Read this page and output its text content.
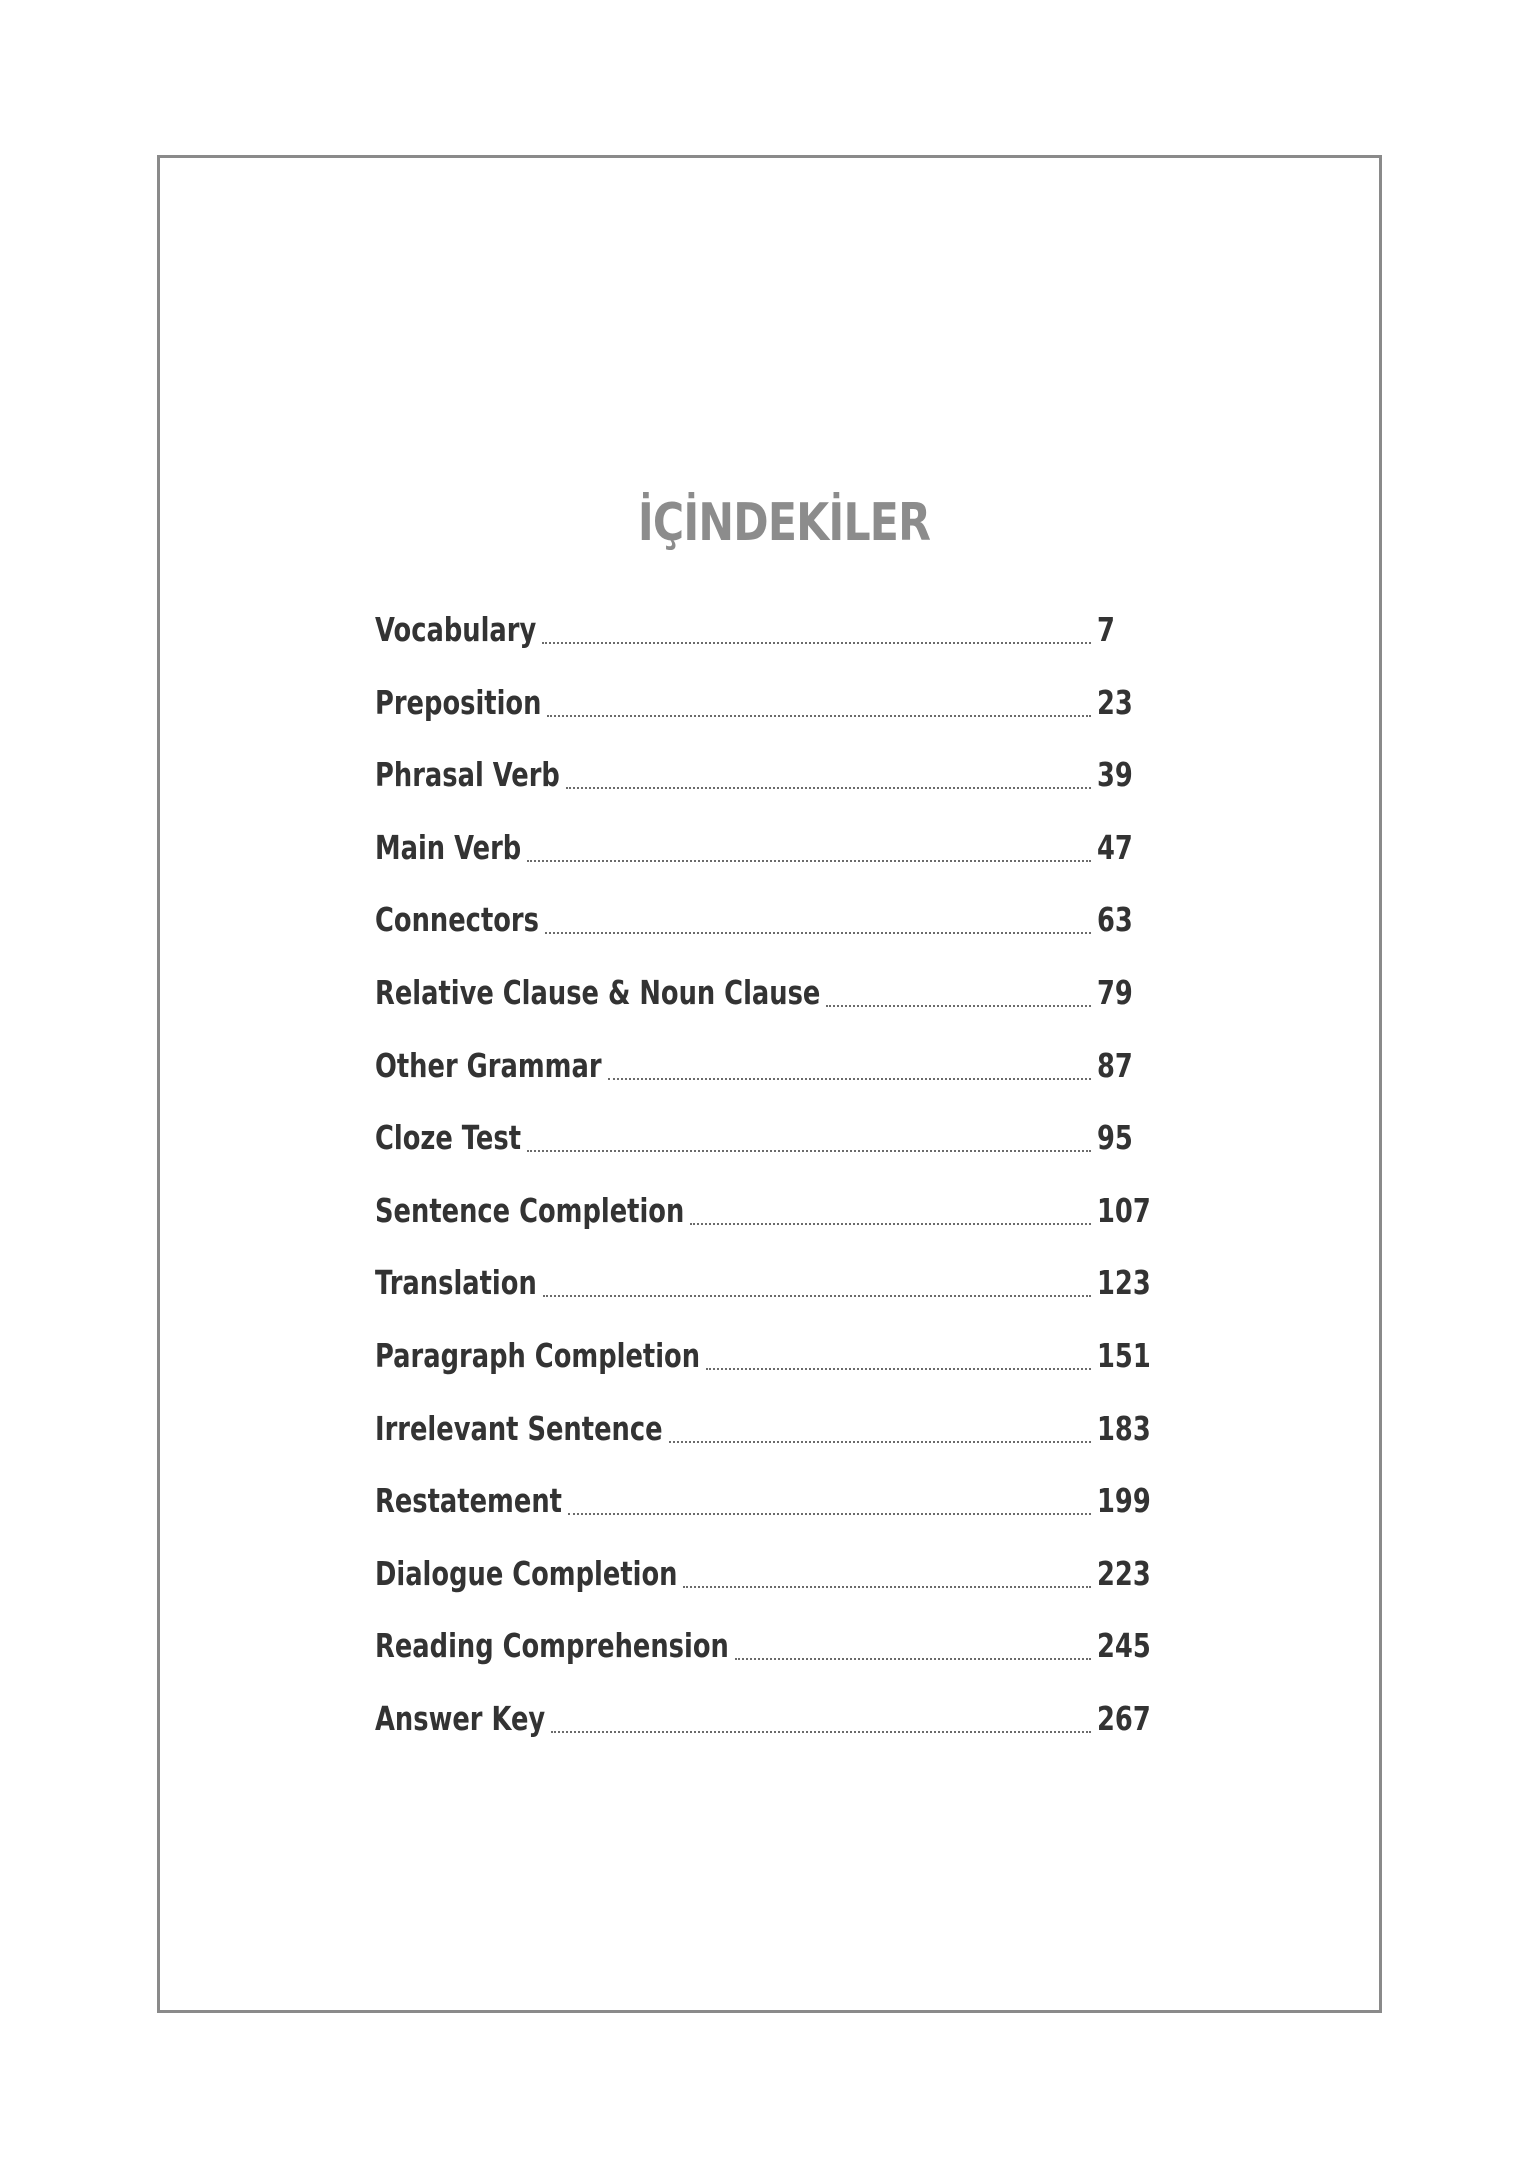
İÇİNDEKİLER
Vocabulary	7
Preposition	23
Phrasal Verb	39
Main Verb	47
Connectors	63
Relative Clause & Noun Clause	79
Other Grammar	87
Cloze Test	95
Sentence Completion	107
Translation	123
Paragraph Completion	151
Irrelevant Sentence	183
Restatement	199
Dialogue Completion	223
Reading Comprehension	245
Answer Key	267
